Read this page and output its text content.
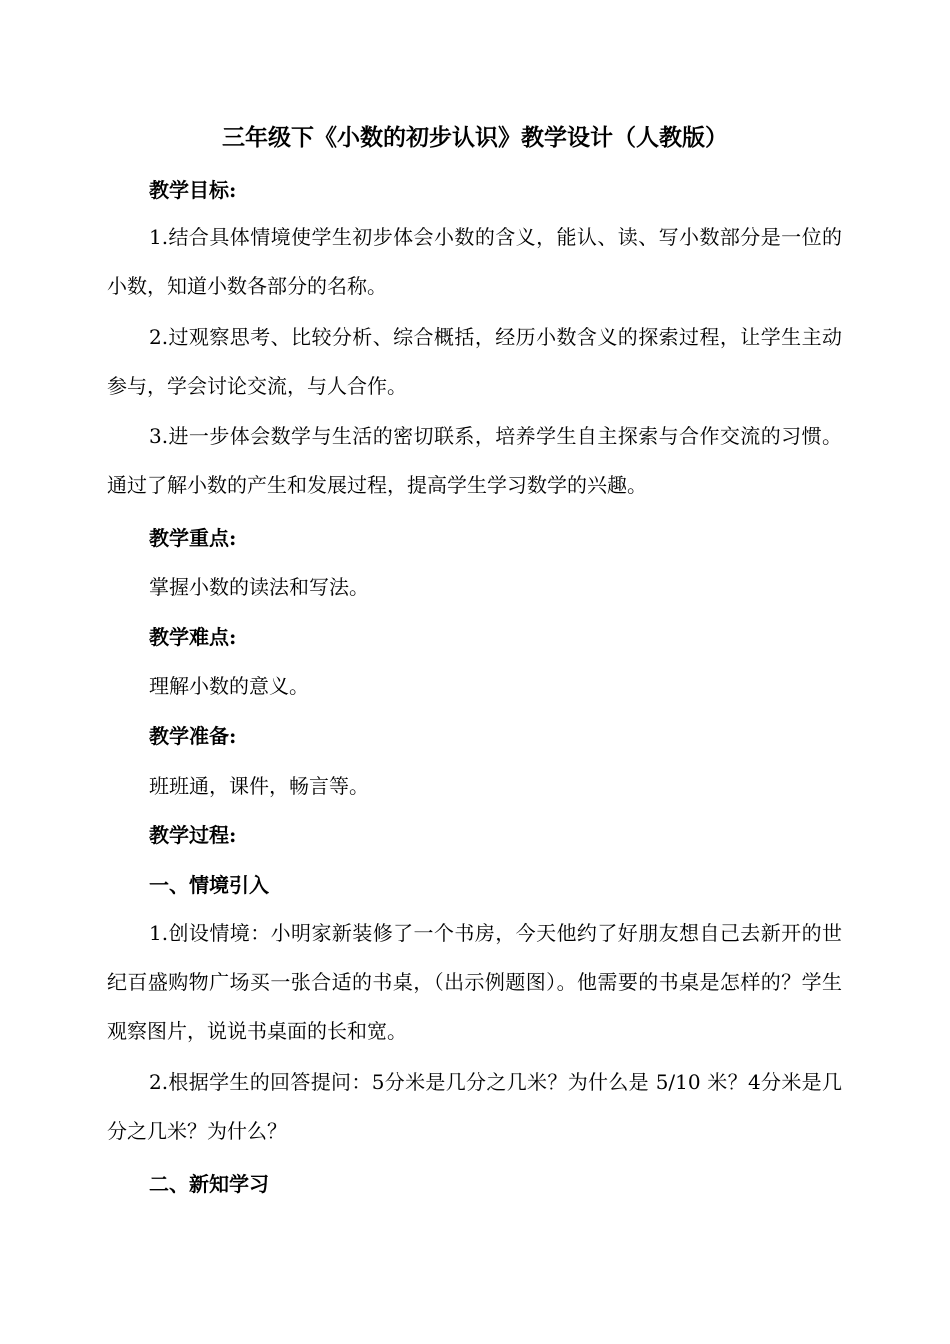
三年级下《小数的初步认识》教学设计（人教版）
教学目标:
1.结合具体情境使学生初步体会小数的含义，能认、读、写小数部分是一位的小数，知道小数各部分的名称。
2.过观察思考、比较分析、综合概括，经历小数含义的探索过程，让学生主动参与，学会讨论交流，与人合作。
3.进一步体会数学与生活的密切联系，培养学生自主探索与合作交流的习惯。通过了解小数的产生和发展过程，提高学生学习数学的兴趣。
教学重点:
掌握小数的读法和写法。
教学难点:
理解小数的意义。
教学准备:
班班通，课件，畅言等。
教学过程:
一、情境引入
1.创设情境：小明家新装修了一个书房，今天他约了好朋友想自己去新开的世纪百盛购物广场买一张合适的书桌，（出示例题图）。他需要的书桌是怎样的？学生观察图片，说说书桌面的长和宽。
2.根据学生的回答提问：5分米是几分之几米？为什么是 5/10 米？4分米是几分之几米？为什么？
二、新知学习
